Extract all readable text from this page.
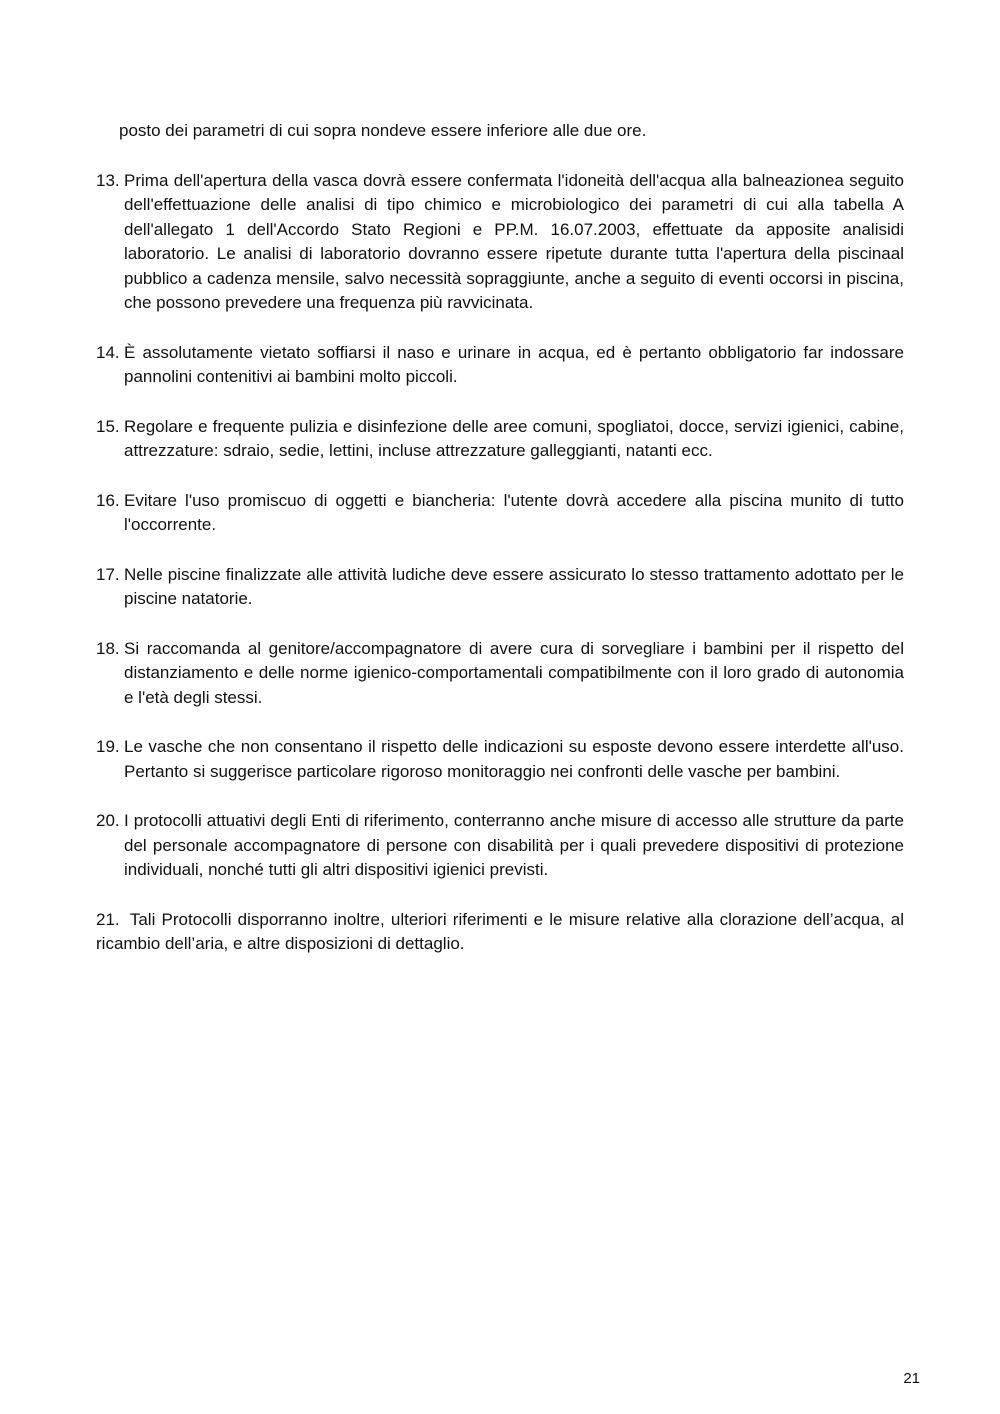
posto dei parametri di cui sopra nondeve essere inferiore alle due ore.

13. Prima dell'apertura della vasca dovrà essere confermata l'idoneità dell'acqua alla balneazionea seguito dell'effettuazione delle analisi di tipo chimico e microbiologico dei parametri di cui alla tabella A dell'allegato 1 dell'Accordo Stato Regioni e PP.M. 16.07.2003, effettuate da apposite analisidi laboratorio. Le analisi di laboratorio dovranno essere ripetute durante tutta l'apertura della piscinaal pubblico a cadenza mensile, salvo necessità sopraggiunte, anche a seguito di eventi occorsi in piscina, che possono prevedere una frequenza più ravvicinata.
14. È assolutamente vietato soffiarsi il naso e urinare in acqua, ed è pertanto obbligatorio far indossare pannolini contenitivi ai bambini molto piccoli.
15. Regolare e frequente pulizia e disinfezione delle aree comuni, spogliatoi, docce, servizi igienici, cabine, attrezzature: sdraio, sedie, lettini, incluse attrezzature galleggianti, natanti ecc.
16. Evitare l'uso promiscuo di oggetti e biancheria: l'utente dovrà accedere alla piscina munito di tutto l'occorrente.
17. Nelle piscine finalizzate alle attività ludiche deve essere assicurato lo stesso trattamento adottato per le piscine natatorie.
18. Si raccomanda al genitore/accompagnatore di avere cura di sorvegliare i bambini per il rispetto del distanziamento e delle norme igienico-comportamentali compatibilmente con il loro grado di autonomia e l'età degli stessi.
19. Le vasche che non consentano il rispetto delle indicazioni su esposte devono essere interdette all'uso. Pertanto si suggerisce particolare rigoroso monitoraggio nei confronti delle vasche per bambini.
20. I protocolli attuativi degli Enti di riferimento, conterranno anche misure di accesso alle strutture da parte del personale accompagnatore di persone con disabilità per i quali prevedere dispositivi di protezione individuali, nonché tutti gli altri dispositivi igienici previsti.
21. Tali Protocolli disporranno inoltre, ulteriori riferimenti e le misure relative alla clorazione dell’acqua, al ricambio dell’aria, e altre disposizioni di dettaglio.
21
